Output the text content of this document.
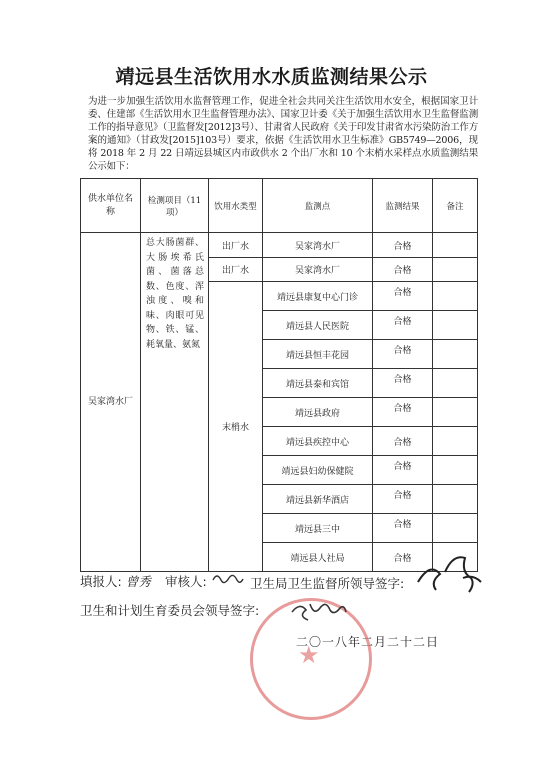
靖远县生活饮用水水质监测结果公示
为进一步加强生活饮用水监督管理工作，促进全社会共同关注生活饮用水安全，根据国家卫计委、住建部《生活饮用水卫生监督管理办法》、国家卫计委《关于加强生活饮用水卫生监督监测工作的指导意见》（卫监督发[2012]3号）、甘肃省人民政府《关于印发甘肃省水污染防治工作方案的通知》（甘政发[2015]103号）要求，依据《生活饮用水卫生标准》GB5749—2006，现将 2018 年 2 月 22 日靖远县城区内市政供水 2 个出厂水和 10 个末梢水采样点水质监测结果公示如下：
供水单位名称	检测项目（11 项）	饮用水类型	监测点	监测结果	备注
吴家湾水厂	总大肠菌群、大肠埃希氏菌、菌落总数、色度、浑浊度、嗅和味、肉眼可见物、铁、锰、耗氧量、氨氮	出厂水	吴家湾水厂	合格	
		出厂水	吴家湾水厂	合格	
		末梢水	靖远县康复中心门诊	合格	
			靖远县人民医院	合格	
			靖远县恒丰花园	合格	
			靖远县泰和宾馆	合格	
			靖远县政府	合格	
			靖远县疾控中心	合格	
			靖远县妇幼保健院	合格	
			靖远县新华酒店	合格	
			靖远县三中	合格	
			靖远县人社局	合格	
填报人: 曾秀 审核人:	卫生局卫生监督所领导签字:
卫生和计划生育委员会领导签字:
二〇一八年二月二十二日
★
